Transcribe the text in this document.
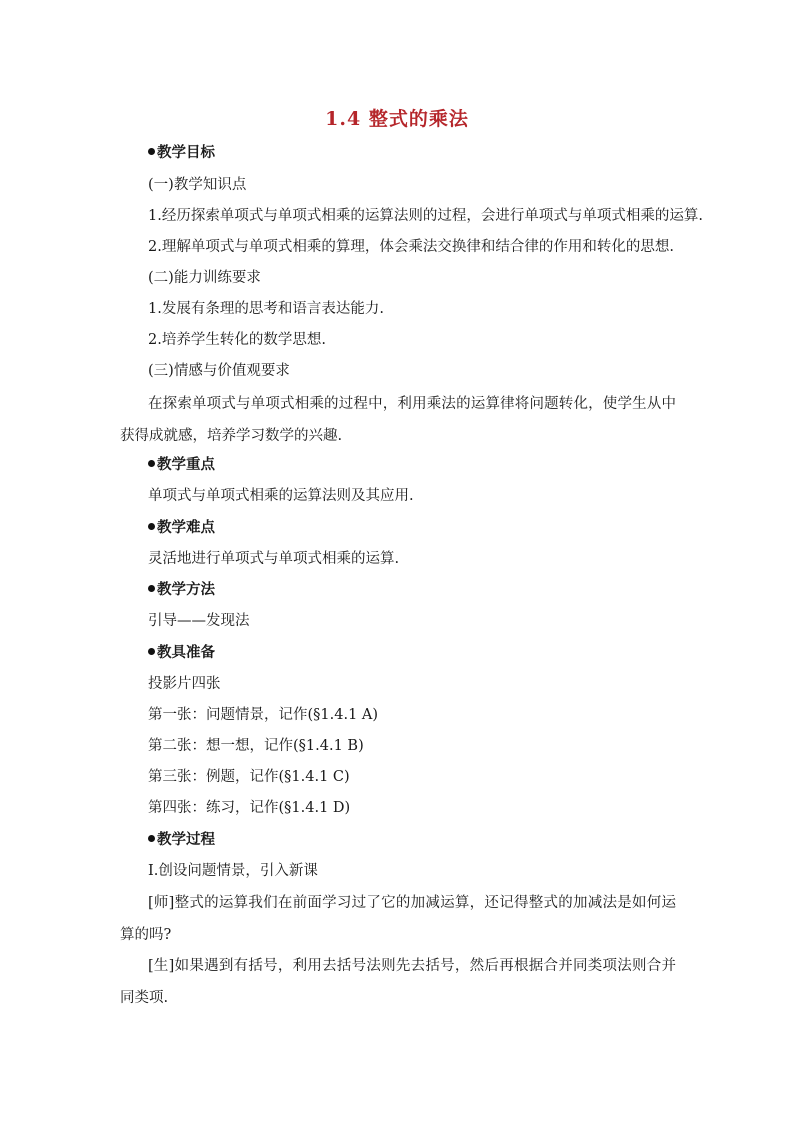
1.4 整式的乘法
教学目标
(一)教学知识点
1.经历探索单项式与单项式相乘的运算法则的过程，会进行单项式与单项式相乘的运算.
2.理解单项式与单项式相乘的算理，体会乘法交换律和结合律的作用和转化的思想.
(二)能力训练要求
1.发展有条理的思考和语言表达能力.
2.培养学生转化的数学思想.
(三)情感与价值观要求
在探索单项式与单项式相乘的过程中，利用乘法的运算律将问题转化，使学生从中获得成就感，培养学习数学的兴趣.
教学重点
单项式与单项式相乘的运算法则及其应用.
教学难点
灵活地进行单项式与单项式相乘的运算.
教学方法
引导——发现法
教具准备
投影片四张
第一张：问题情景，记作(§1.4.1 A)
第二张：想一想，记作(§1.4.1 B)
第三张：例题，记作(§1.4.1 C)
第四张：练习，记作(§1.4.1 D)
教学过程
Ⅰ.创设问题情景，引入新课
[师]整式的运算我们在前面学习过了它的加减运算，还记得整式的加减法是如何运算的吗?
[生]如果遇到有括号，利用去括号法则先去括号，然后再根据合并同类项法则合并同类项.
